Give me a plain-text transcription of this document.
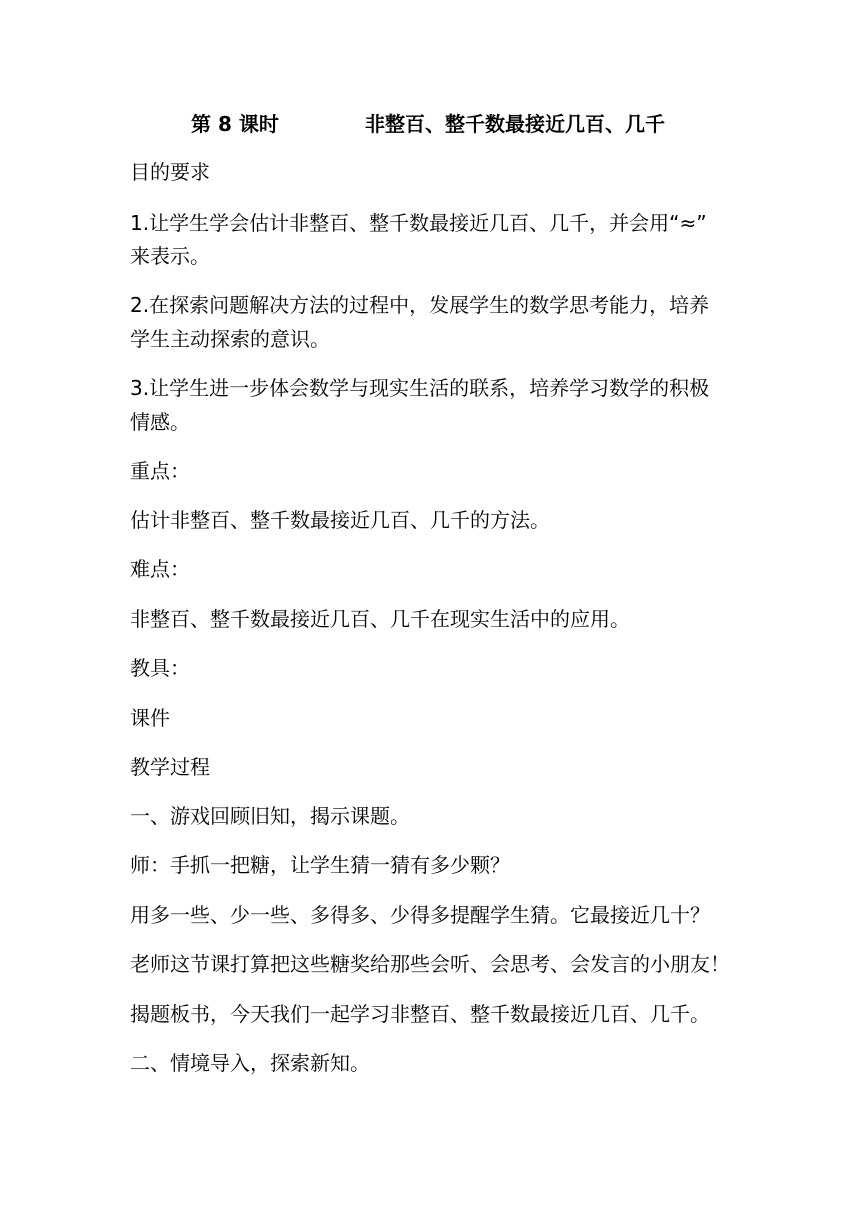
第 8 课时	非整百、整千数最接近几百、几千
目的要求
1.让学生学会估计非整百、整千数最接近几百、几千，并会用“≈”
来表示。
2.在探索问题解决方法的过程中，发展学生的数学思考能力，培养
学生主动探索的意识。
3.让学生进一步体会数学与现实生活的联系，培养学习数学的积极
情感。
重点：
估计非整百、整千数最接近几百、几千的方法。
难点：
非整百、整千数最接近几百、几千在现实生活中的应用。
教具：
课件
教学过程
一、游戏回顾旧知，揭示课题。
师：手抓一把糖，让学生猜一猜有多少颗？
用多一些、少一些、多得多、少得多提醒学生猜。它最接近几十？
老师这节课打算把这些糖奖给那些会听、会思考、会发言的小朋友！
揭题板书，今天我们一起学习非整百、整千数最接近几百、几千。
二、情境导入，探索新知。
